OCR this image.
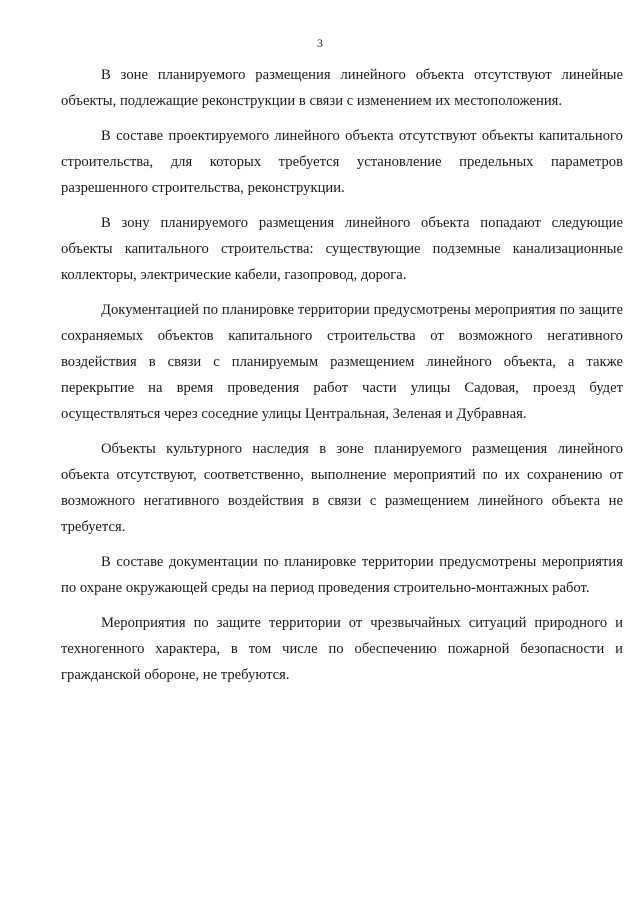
3

В зоне планируемого размещения линейного объекта отсутствуют линейные объекты, подлежащие реконструкции в связи с изменением их местоположения.

В составе проектируемого линейного объекта отсутствуют объекты капитального строительства, для которых требуется установление предельных параметров разрешенного строительства, реконструкции.

В зону планируемого размещения линейного объекта попадают следующие объекты капитального строительства: существующие подземные канализационные коллекторы, электрические кабели, газопровод, дорога.

Документацией по планировке территории предусмотрены мероприятия по защите сохраняемых объектов капитального строительства от возможного негативного воздействия в связи с планируемым размещением линейного объекта, а также перекрытие на время проведения работ части улицы Садовая, проезд будет осуществляться через соседние улицы Центральная, Зеленая и Дубравная.

Объекты культурного наследия в зоне планируемого размещения линейного объекта отсутствуют, соответственно, выполнение мероприятий по их сохранению от возможного негативного воздействия в связи с размещением линейного объекта не требуется.

В составе документации по планировке территории предусмотрены мероприятия по охране окружающей среды на период проведения строительно-монтажных работ.

Мероприятия по защите территории от чрезвычайных ситуаций природного и техногенного характера, в том числе по обеспечению пожарной безопасности и гражданской обороне, не требуются.
